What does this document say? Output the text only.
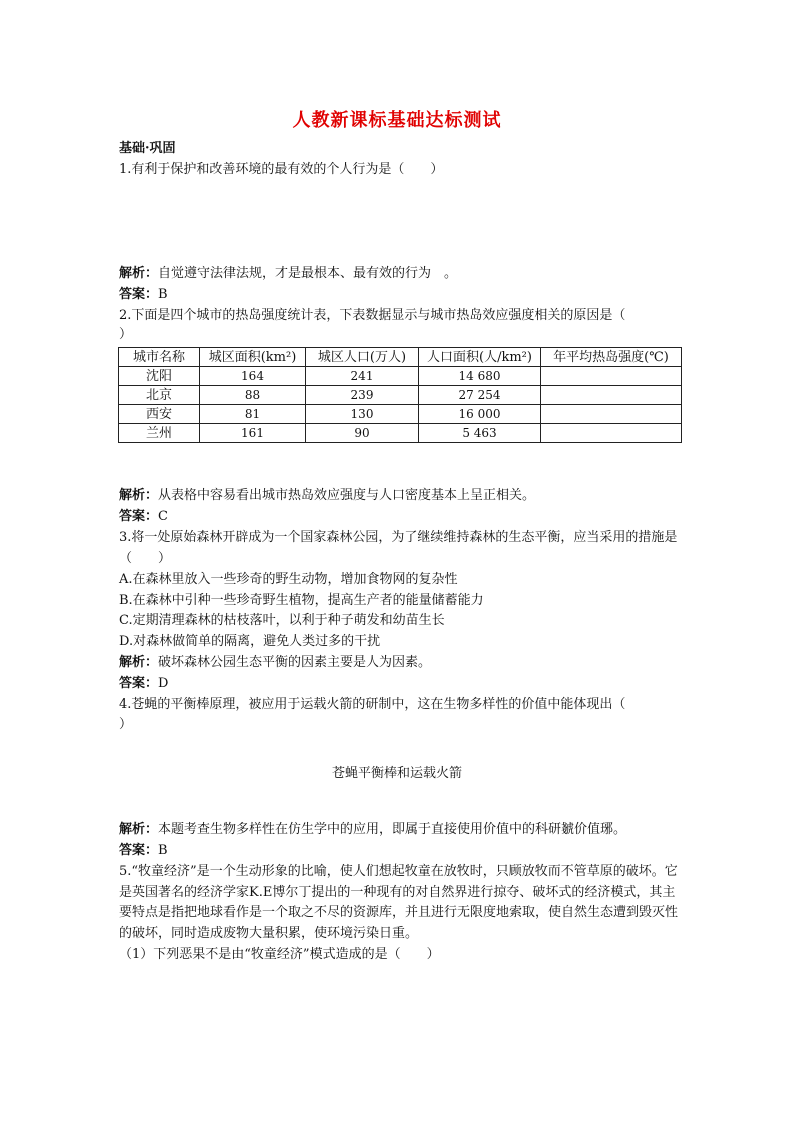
人教新课标基础达标测试
基础·巩固
1.有利于保护和改善环境的最有效的个人行为是（　　）
解析：自觉遵守法律法规，才是最根本、最有效的行为　。
答案：B
2.下面是四个城市的热岛强度统计表，下表数据显示与城市热岛效应强度相关的原因是（
）
城市名称	城区面积(km²)	城区人口(万人)	人口面积(人/km²)	年平均热岛强度(℃)
沈阳	164	241	14 680	
北京	88	239	27 254	
西安	81	130	16 000	
兰州	161	90	5 463	
解析：从表格中容易看出城市热岛效应强度与人口密度基本上呈正相关。
答案：C
3.将一处原始森林开辟成为一个国家森林公园，为了继续维持森林的生态平衡，应当采用的措施是（　　）
A.在森林里放入一些珍奇的野生动物，增加食物网的复杂性
B.在森林中引种一些珍奇野生植物，提高生产者的能量储蓄能力
C.定期清理森林的枯枝落叶，以利于种子萌发和幼苗生长
D.对森林做简单的隔离，避免人类过多的干扰
解析：破坏森林公园生态平衡的因素主要是人为因素。
答案：D
4.苍蝇的平衡棒原理，被应用于运载火箭的研制中，这在生物多样性的价值中能体现出（
）
苍蝇平衡棒和运载火箭
解析：本题考查生物多样性在仿生学中的应用，即属于直接使用价值中的科研虦价值琊。
答案：B
5.“牧童经济”是一个生动形象的比喻，使人们想起牧童在放牧时，只顾放牧而不管草原的破坏。它是英国著名的经济学家K.E博尔丁提出的一种现有的对自然界进行掠夺、破坏式的经济模式，其主要特点是指把地球看作是一个取之不尽的资源库，并且进行无限度地索取，使自然生态遭到毁灭性的破坏，同时造成废物大量积累，使环境污染日重。
（1）下列恶果不是由“牧童经济”模式造成的是（　　）
